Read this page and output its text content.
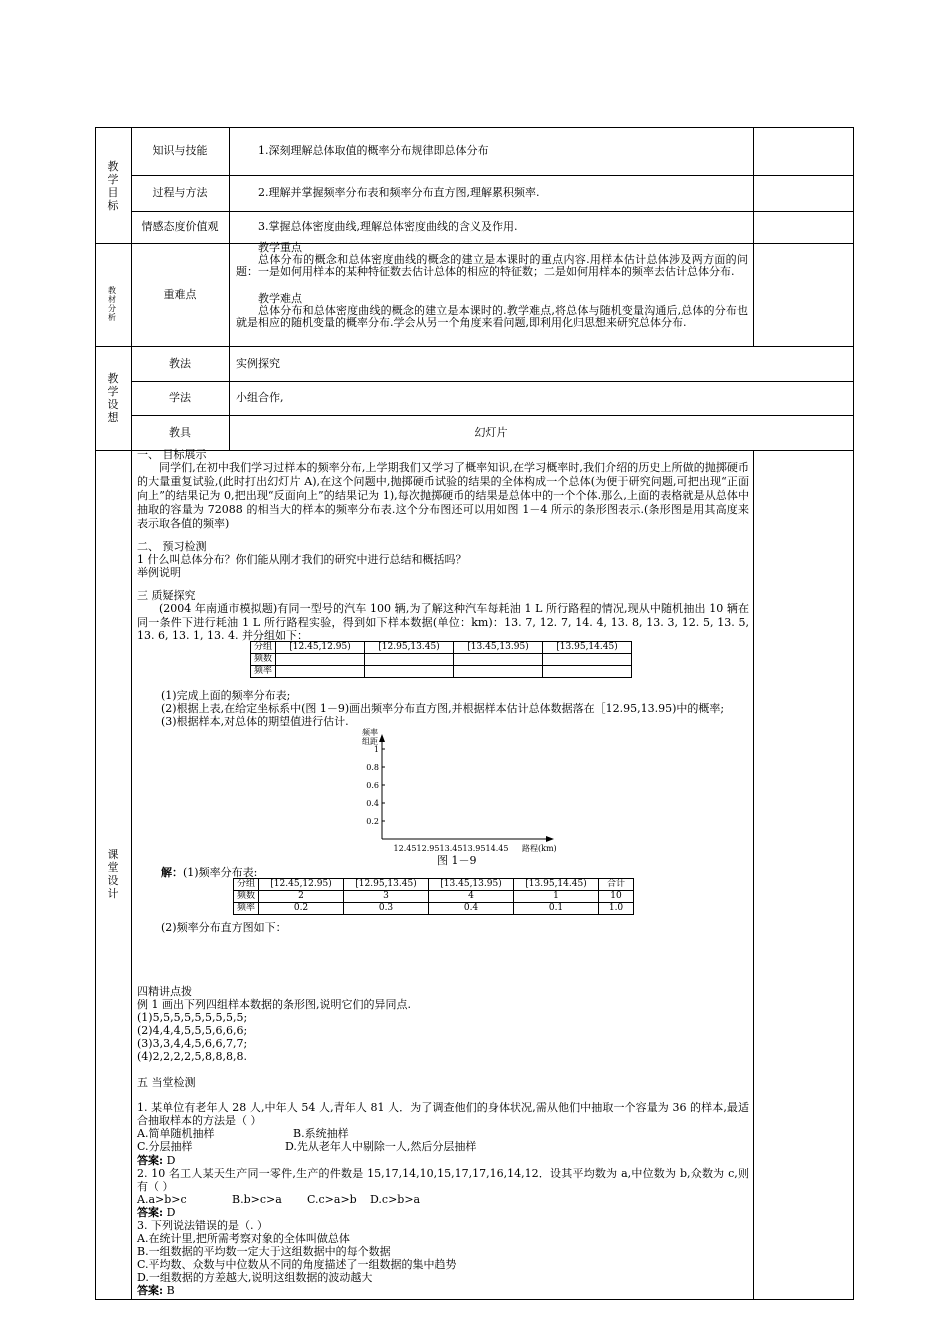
教
学
目
标
知识与技能	1.深刻理解总体取值的概率分布规律即总体分布
过程与方法	2.理解并掌握频率分布表和频率分布直方图,理解累积频率.
情感态度价值观	3.掌握总体密度曲线,理解总体密度曲线的含义及作用.
教
材
分
析
重难点
教学重点
总体分布的概念和总体密度曲线的概念的建立是本课时的重点内容.用样本估计总体涉及两方面的问题：一是如何用样本的某种特征数去估计总体的相应的特征数；二是如何用样本的频率去估计总体分布.
教学难点
总体分布和总体密度曲线的概念的建立是本课时的.教学难点,将总体与随机变量沟通后,总体的分布也就是相应的随机变量的概率分布.学会从另一个角度来看问题,即利用化归思想来研究总体分布.
教
学
设
想
教法	实例探究
学法	小组合作,
教具	幻灯片
课
堂
设
计
一、 目标展示
同学们,在初中我们学习过样本的频率分布,上学期我们又学习了概率知识,在学习概率时,我们介绍的历史上所做的抛掷硬币的大量重复试验,(此时打出幻灯片 A),在这个问题中,抛掷硬币试验的结果的全体构成一个总体(为便于研究问题,可把出现“正面向上”的结果记为 0,把出现“反面向上”的结果记为 1),每次抛掷硬币的结果是总体中的一个个体.那么,上面的表格就是从总体中抽取的容量为 72088 的相当大的样本的频率分布表.这个分布图还可以用如图 1－4 所示的条形图表示.(条形图是用其高度来表示取各值的频率)
二、 预习检测
1 什么叫总体分布？你们能从刚才我们的研究中进行总结和概括吗？
举例说明
三 质疑探究
(2004 年南通市模拟题)有同一型号的汽车 100 辆,为了解这种汽车每耗油 1 L 所行路程的情况,现从中随机抽出 10 辆在同一条件下进行耗油 1 L 所行路程实验，得到如下样本数据(单位：km)：13. 7, 12. 7, 14. 4, 13. 8, 13. 3, 12. 5, 13. 5, 13. 6, 13. 1, 13. 4. 并分组如下：
分组	[12.45,12.95)	[12.95,13.45)	[13.45,13.95)	[13.95,14.45)
频数				
频率				
(1)完成上面的频率分布表;
(2)根据上表,在给定坐标系中(图 1－9)画出频率分布直方图,并根据样本估计总体数据落在［12.95,13.95)中的概率;
(3)根据样本,对总体的期望值进行估计.
频率
组距
0.2
0.4
0.6
0.8
1
12.45 12.95 13.45 13.95 14.45 路程(km)
图 1－9
解：(1)频率分布表:
分组	[12.45,12.95)	[12.95,13.45)	[13.45,13.95)	[13.95,14.45)	合计
频数	2	3	4	1	10
频率	0.2	0.3	0.4	0.1	1.0
(2)频率分布直方图如下：
四精讲点拨
例 1 画出下列四组样本数据的条形图,说明它们的异同点.
(1)5,5,5,5,5,5,5,5,5;
(2)4,4,4,5,5,5,6,6,6;
(3)3,3,4,4,5,6,6,7,7;
(4)2,2,2,2,5,8,8,8,8.
五 当堂检测
1. 某单位有老年人 28 人,中年人 54 人,青年人 81 人．为了调查他们的身体状况,需从他们中抽取一个容量为 36 的样本,最适合抽取样本的方法是（ ）
A.简单随机抽样	B.系统抽样
C.分层抽样	D.先从老年人中剔除一人,然后分层抽样
答案: D
2. 10 名工人某天生产同一零件,生产的件数是 15,17,14,10,15,17,17,16,14,12．设其平均数为 a,中位数为 b,众数为 c,则有（ ）
A.a>b>c	B.b>c>a C.c>a>b D.c>b>a
答案: D
3. 下列说法错误的是（. ）
A.在统计里,把所需考察对象的全体叫做总体
B.一组数据的平均数一定大于这组数据中的每个数据
C.平均数、众数与中位数从不同的角度描述了一组数据的集中趋势
D.一组数据的方差越大,说明这组数据的波动越大
答案: B
